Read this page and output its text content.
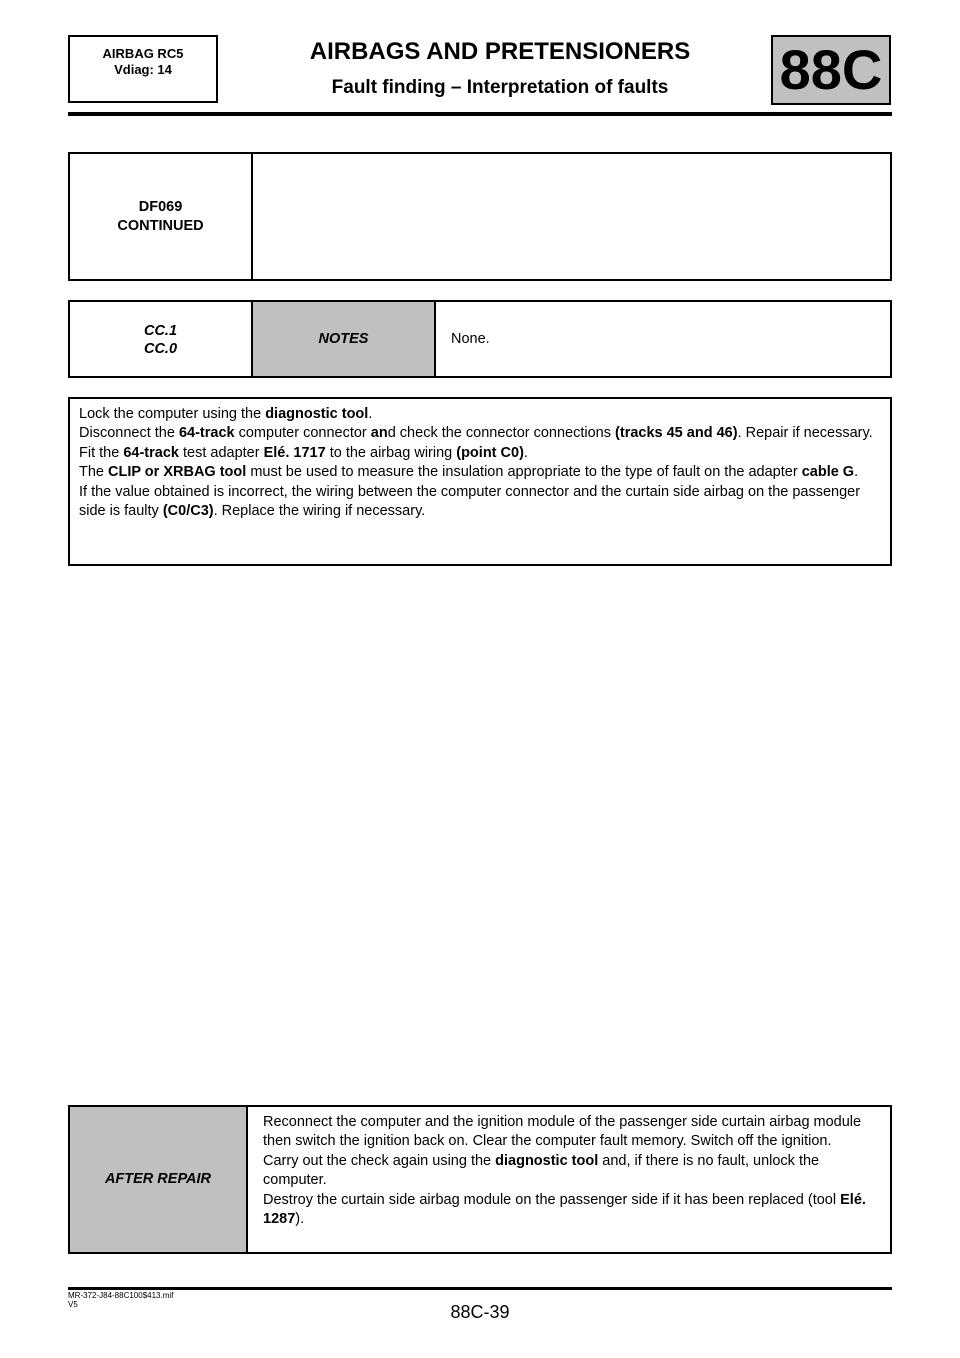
AIRBAG RC5
Vdiag: 14
AIRBAGS AND PRETENSIONERS
Fault finding – Interpretation of faults	88C
DF069
CONTINUED
CC.1
CC.0
NOTES	None.
Lock the computer using the diagnostic tool.
Disconnect the 64-track computer connector and check the connector connections (tracks 45 and 46). Repair if necessary.
Fit the 64-track test adapter Elé. 1717 to the airbag wiring (point C0).
The CLIP or XRBAG tool must be used to measure the insulation appropriate to the type of fault on the adapter cable G.
If the value obtained is incorrect, the wiring between the computer connector and the curtain side airbag on the passenger side is faulty (C0/C3). Replace the wiring if necessary.
AFTER REPAIR
Reconnect the computer and the ignition module of the passenger side curtain airbag module then switch the ignition back on. Clear the computer fault memory. Switch off the ignition.
Carry out the check again using the diagnostic tool and, if there is no fault, unlock the computer.
Destroy the curtain side airbag module on the passenger side if it has been replaced (tool Elé. 1287).
MR-372-J84-88C100$413.mif
V5	88C-39
